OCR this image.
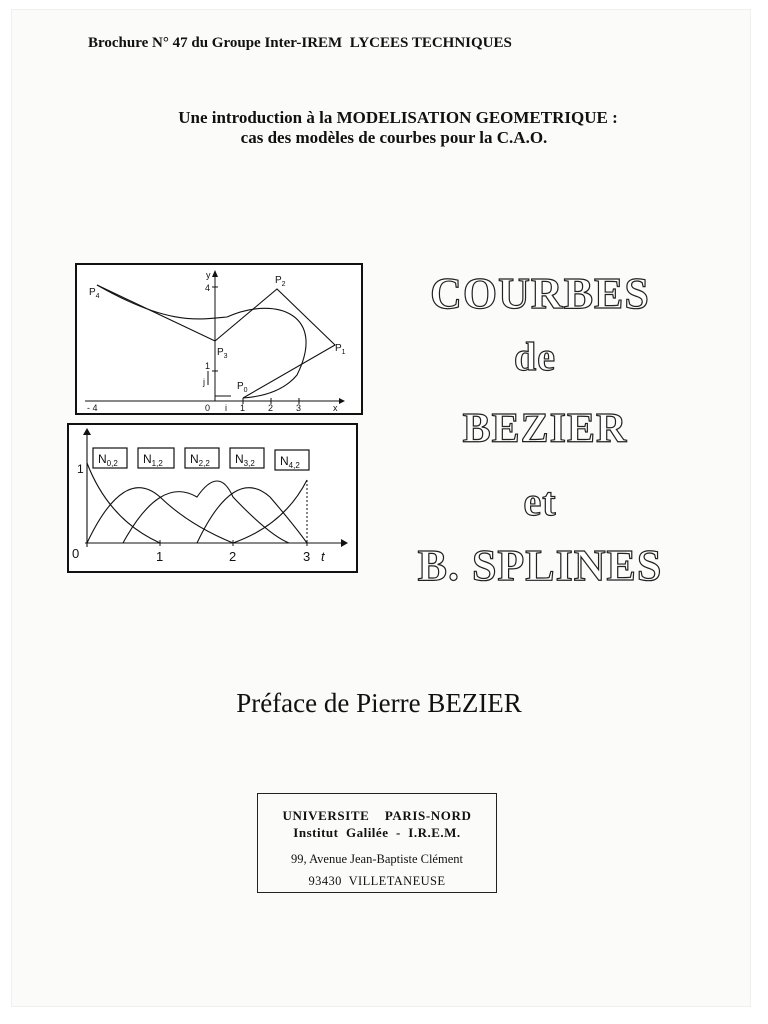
Brochure N° 47 du Groupe Inter-IREM LYCEES TECHNIQUES
Une introduction à la MODELISATION GEOMETRIQUE :
cas des modèles de courbes pour la C.A.O.
$P_4$
$P_2$
$P_3$
$P_1$
$P_0$
y
x
4
1
j
i
- 4	0	1	2	3
$N_{0,2}$ $N_{1,2}$ $N_{2,2}$ $N_{3,2}$ $N_{4,2}$
1
0	1	2	3 t
COURBES
de
BEZIER
et
B. SPLINES
Préface de Pierre BEZIER
UNIVERSITE    PARIS-NORD
Institut  Galilée  -  I.R.E.M.
99, Avenue Jean-Baptiste Clément
93430  VILLETANEUSE
